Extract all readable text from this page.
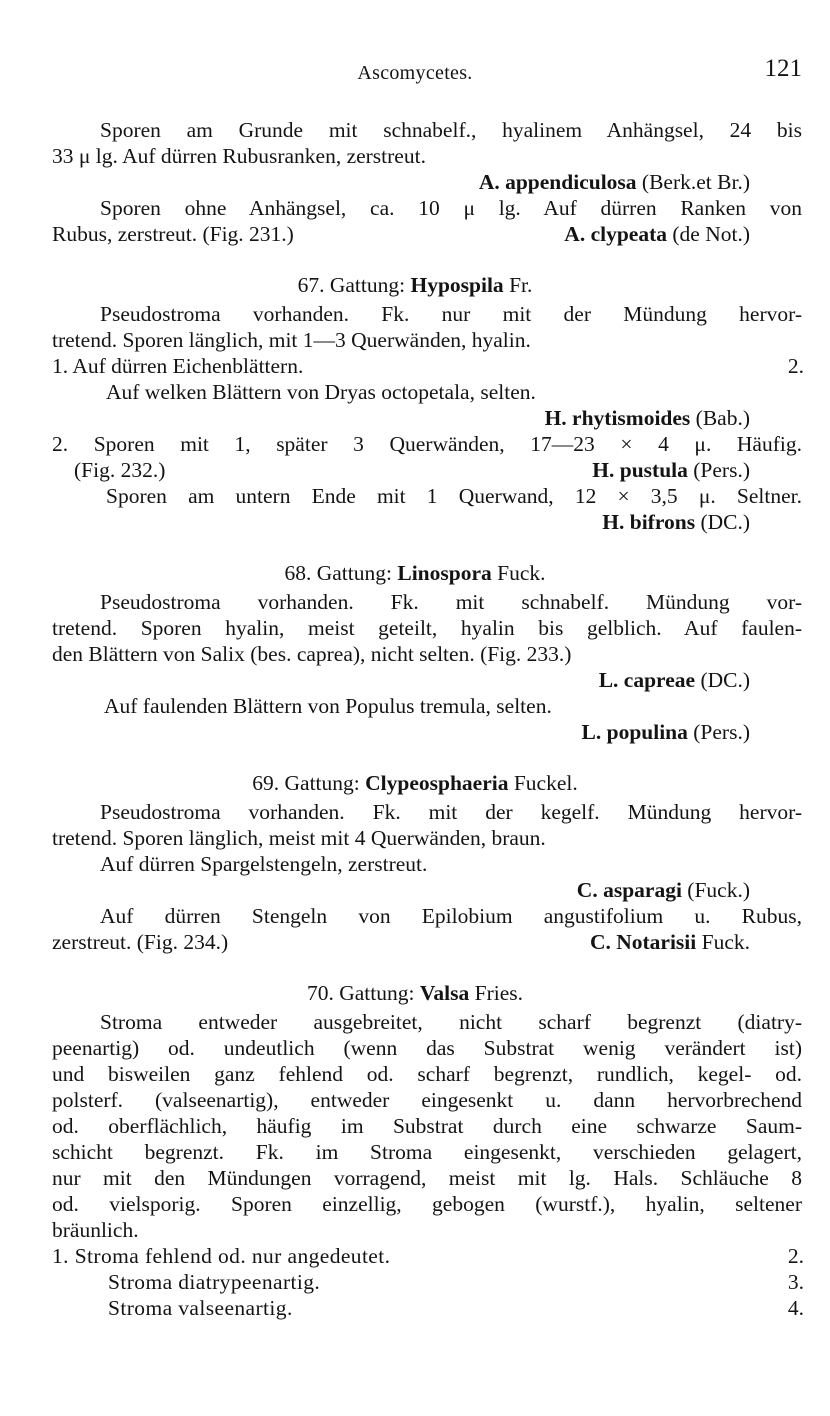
Ascomycetes.	121
Sporen am Grunde mit schnabelf., hyalinem Anhängsel, 24 bis
33 μ lg. Auf dürren Rubusranken, zerstreut.
A. appendiculosa (Berk.et Br.)
Sporen ohne Anhängsel, ca. 10 μ lg. Auf dürren Ranken von
Rubus, zerstreut. (Fig. 231.)	A. clypeata (de Not.)
67. Gattung: Hypospila Fr.
Pseudostroma vorhanden. Fk. nur mit der Mündung hervor-
tretend. Sporen länglich, mit 1—3 Querwänden, hyalin.
1. Auf dürren Eichenblättern.	2.
Auf welken Blättern von Dryas octopetala, selten.
H. rhytismoides (Bab.)
2. Sporen mit 1, später 3 Querwänden, 17—23 × 4 μ. Häufig.
(Fig. 232.)	H. pustula (Pers.)
Sporen am untern Ende mit 1 Querwand, 12 × 3,5 μ. Seltner.
H. bifrons (DC.)
68. Gattung: Linospora Fuck.
Pseudostroma vorhanden. Fk. mit schnabelf. Mündung vor-
tretend. Sporen hyalin, meist geteilt, hyalin bis gelblich. Auf faulen-
den Blättern von Salix (bes. caprea), nicht selten. (Fig. 233.)
L. capreae (DC.)
Auf faulenden Blättern von Populus tremula, selten.
L. populina (Pers.)
69. Gattung: Clypeosphaeria Fuckel.
Pseudostroma vorhanden. Fk. mit der kegelf. Mündung hervor-
tretend. Sporen länglich, meist mit 4 Querwänden, braun.
Auf dürren Spargelstengeln, zerstreut.
C. asparagi (Fuck.)
Auf dürren Stengeln von Epilobium angustifolium u. Rubus,
zerstreut. (Fig. 234.)	C. Notarisii Fuck.
70. Gattung: Valsa Fries.
Stroma entweder ausgebreitet, nicht scharf begrenzt (diatry-
peenartig) od. undeutlich (wenn das Substrat wenig verändert ist)
und bisweilen ganz fehlend od. scharf begrenzt, rundlich, kegel- od.
polsterf. (valseenartig), entweder eingesenkt u. dann hervorbrechend
od. oberflächlich, häufig im Substrat durch eine schwarze Saum-
schicht begrenzt. Fk. im Stroma eingesenkt, verschieden gelagert,
nur mit den Mündungen vorragend, meist mit lg. Hals. Schläuche 8
od. vielsporig. Sporen einzellig, gebogen (wurstf.), hyalin, seltener
bräunlich.
1. Stroma fehlend od. nur angedeutet.	2.
Stroma diatrypeenartig.	3.
Stroma valseenartig.	4.
